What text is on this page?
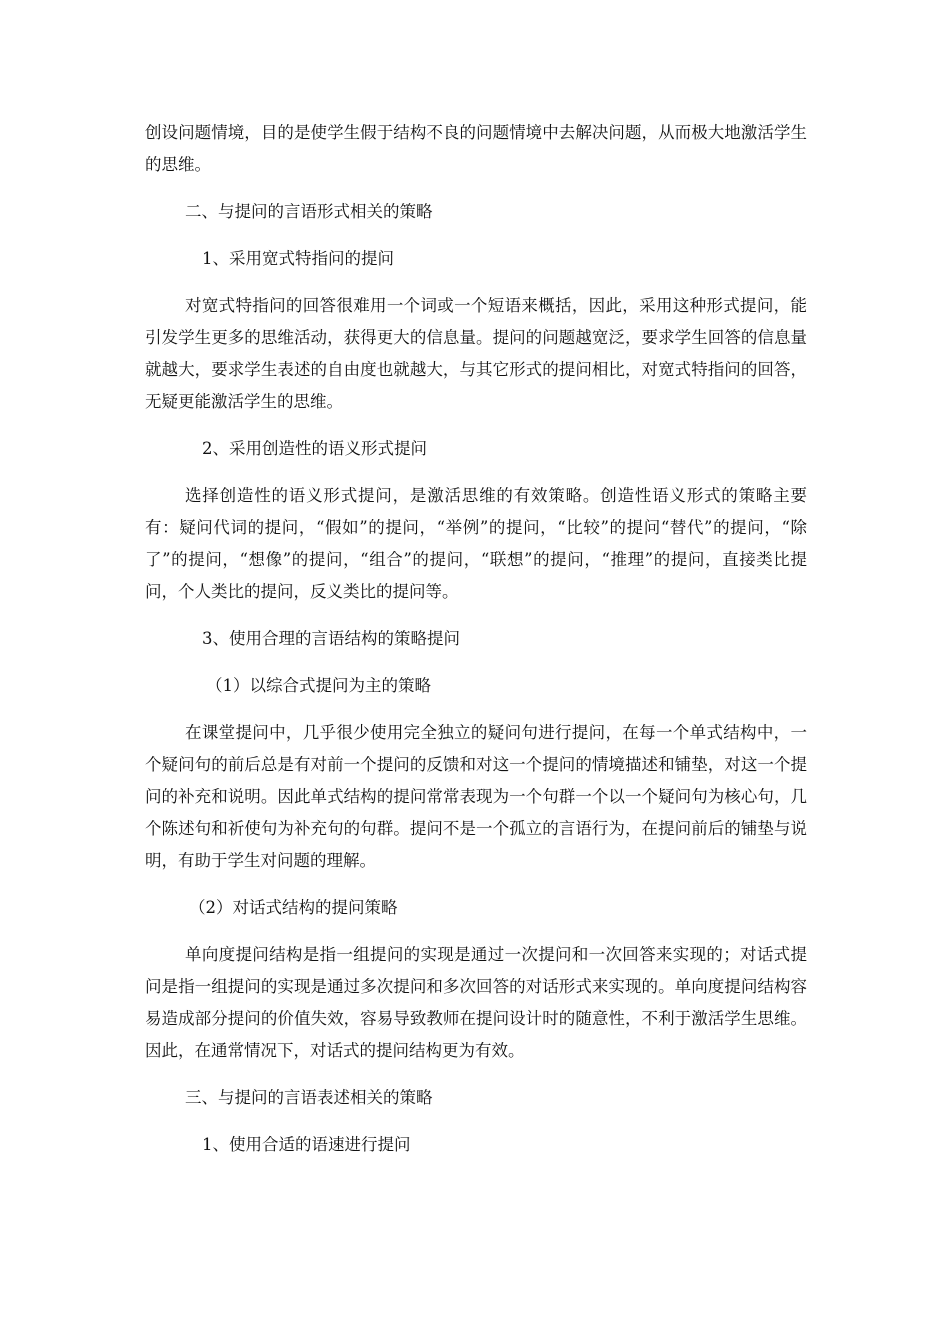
创设问题情境，目的是使学生假于结构不良的问题情境中去解决问题，从而极大地激活学生的思维。

二、与提问的言语形式相关的策略

1、采用宽式特指问的提问

对宽式特指问的回答很难用一个词或一个短语来概括，因此，采用这种形式提问，能引发学生更多的思维活动，获得更大的信息量。提问的问题越宽泛，要求学生回答的信息量就越大，要求学生表述的自由度也就越大，与其它形式的提问相比，对宽式特指问的回答，无疑更能激活学生的思维。

2、采用创造性的语义形式提问

选择创造性的语义形式提问，是激活思维的有效策略。创造性语义形式的策略主要有：疑问代词的提问，“假如”的提问，“举例”的提问，“比较”的提问“替代”的提问，“除了”的提问，“想像”的提问，“组合”的提问，“联想”的提问，“推理”的提问，直接类比提问，个人类比的提问，反义类比的提问等。

3、使用合理的言语结构的策略提问

（1）以综合式提问为主的策略

在课堂提问中，几乎很少使用完全独立的疑问句进行提问，在每一个单式结构中，一个疑问句的前后总是有对前一个提问的反馈和对这一个提问的情境描述和铺垫，对这一个提问的补充和说明。因此单式结构的提问常常表现为一个句群一个以一个疑问句为核心句，几个陈述句和祈使句为补充句的句群。提问不是一个孤立的言语行为，在提问前后的铺垫与说明，有助于学生对问题的理解。

（2）对话式结构的提问策略

单向度提问结构是指一组提问的实现是通过一次提问和一次回答来实现的；对话式提问是指一组提问的实现是通过多次提问和多次回答的对话形式来实现的。单向度提问结构容易造成部分提问的价值失效，容易导致教师在提问设计时的随意性，不利于激活学生思维。因此，在通常情况下，对话式的提问结构更为有效。

三、与提问的言语表述相关的策略

1、使用合适的语速进行提问
